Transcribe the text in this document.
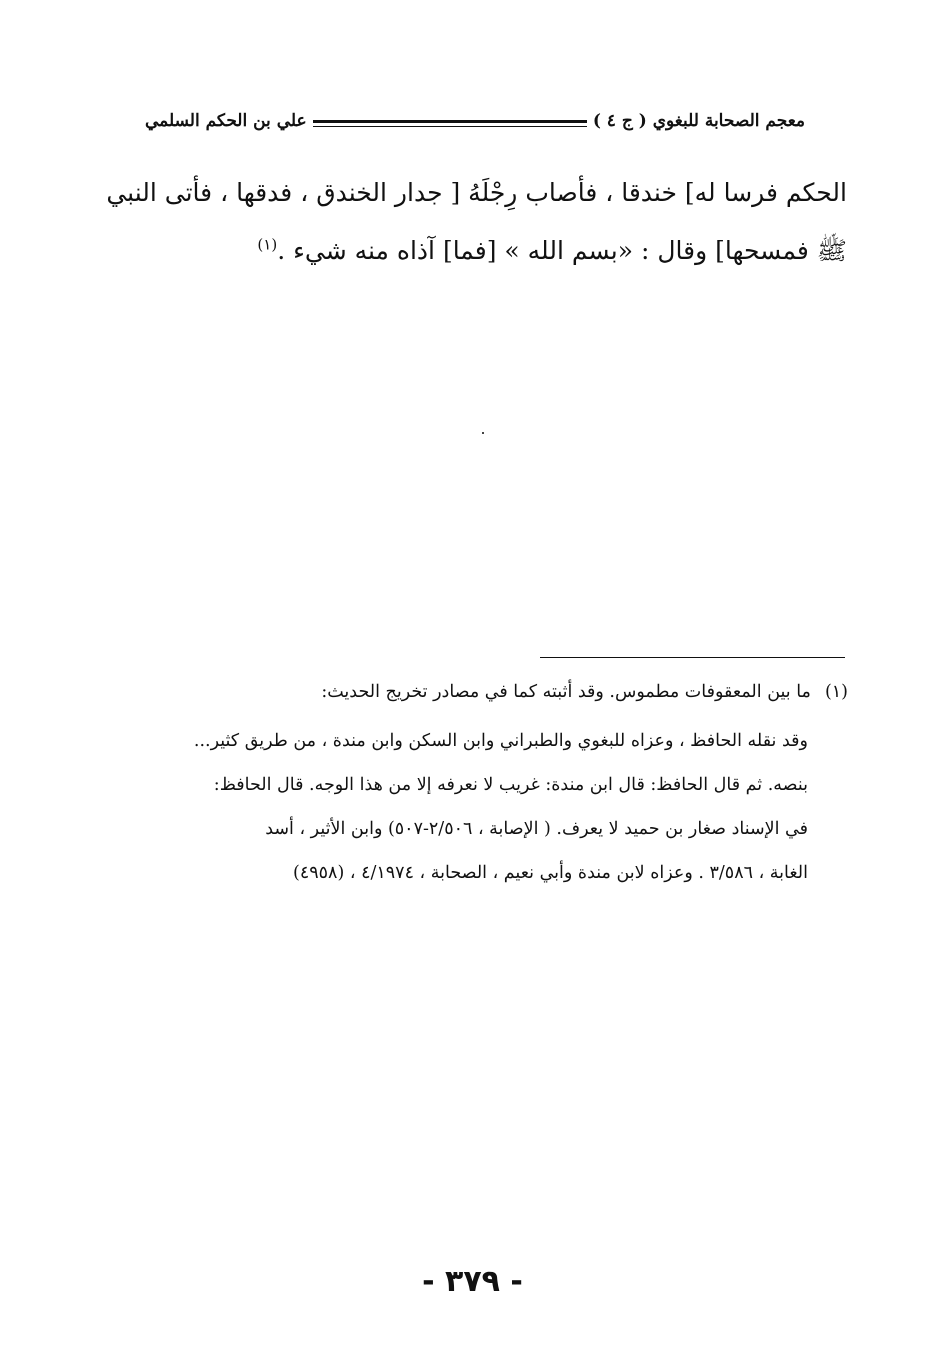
معجم الصحابة للبغوي ( ج ٤ )
علي بن الحكم السلمي
الحكم فرسا له] خندقا ، فأصاب رِجْلَهُ [ جدار الخندق ، فدقها ، فأتى النبي
ﷺ فمسحها] وقال : «بسم الله » [فما] آذاه منه شيء .$^{(١)}$
(١)ما بين المعقوفات مطموس. وقد أثبته كما في مصادر تخريج الحديث:
وقد نقله الحافظ ، وعزاه للبغوي والطبراني وابن السكن وابن مندة ، من طريق كثير...
بنصه. ثم قال الحافظ: قال ابن مندة: غريب لا نعرفه إلا من هذا الوجه. قال الحافظ:
في الإسناد صغار بن حميد لا يعرف. ( الإصابة ، ٢/٥٠٦-٥٠٧) وابن الأثير ، أسد
الغابة ، ٣/٥٨٦ . وعزاه لابن مندة وأبي نعيم ، الصحابة ، ٤/١٩٧٤ ، (٤٩٥٨)
- ٣٧٩ -
